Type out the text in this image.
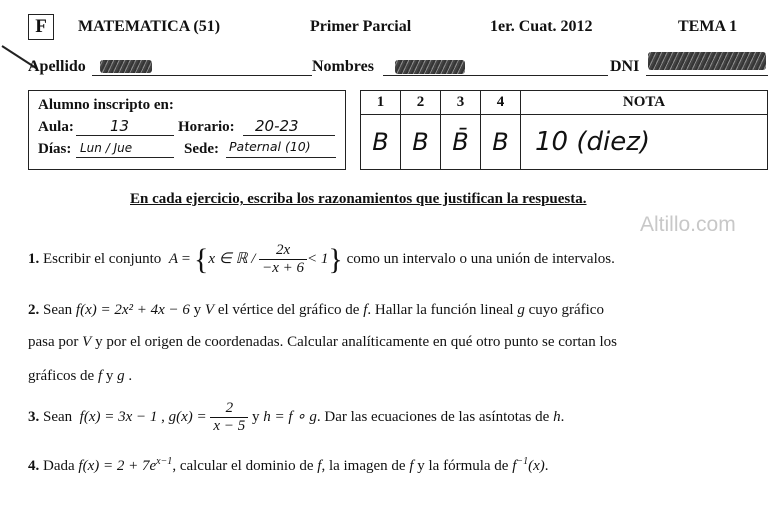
F	MATEMATICA (51)	Primer Parcial	1er. Cuat. 2012	TEMA 1
Apellido	Nombres	DNI
Alumno inscripto en:
Aula: 13	Horario: 20-23
Días: Lun / Jue	Sede: Paternal (10)
1	2	3	4	NOTA
B	B	B̄	B	10 (diez)
En cada ejercicio, escriba los razonamientos que justifican la respuesta.
Altillo.com
1. Escribir el conjunto A = {x ∈ ℝ / $\frac{2x}{-x + 6} < 1$} como un intervalo o una unión de intervalos.
2. Sean f(x) = 2x² + 4x − 6 y V el vértice del gráfico de f. Hallar la función lineal g cuyo gráfico
pasa por V y por el origen de coordenadas. Calcular analíticamente en qué otro punto se cortan los
gráficos de f y g .
3. Sean f(x) = 3x − 1 , $g(x) = \frac{2}{x - 5}$ y h = f ∘ g. Dar las ecuaciones de las asíntotas de h.
4. Dada $f(x) = 2 + 7e^{x-1}$, calcular el dominio de f, la imagen de f y la fórmula de $f^{-1}(x)$.
